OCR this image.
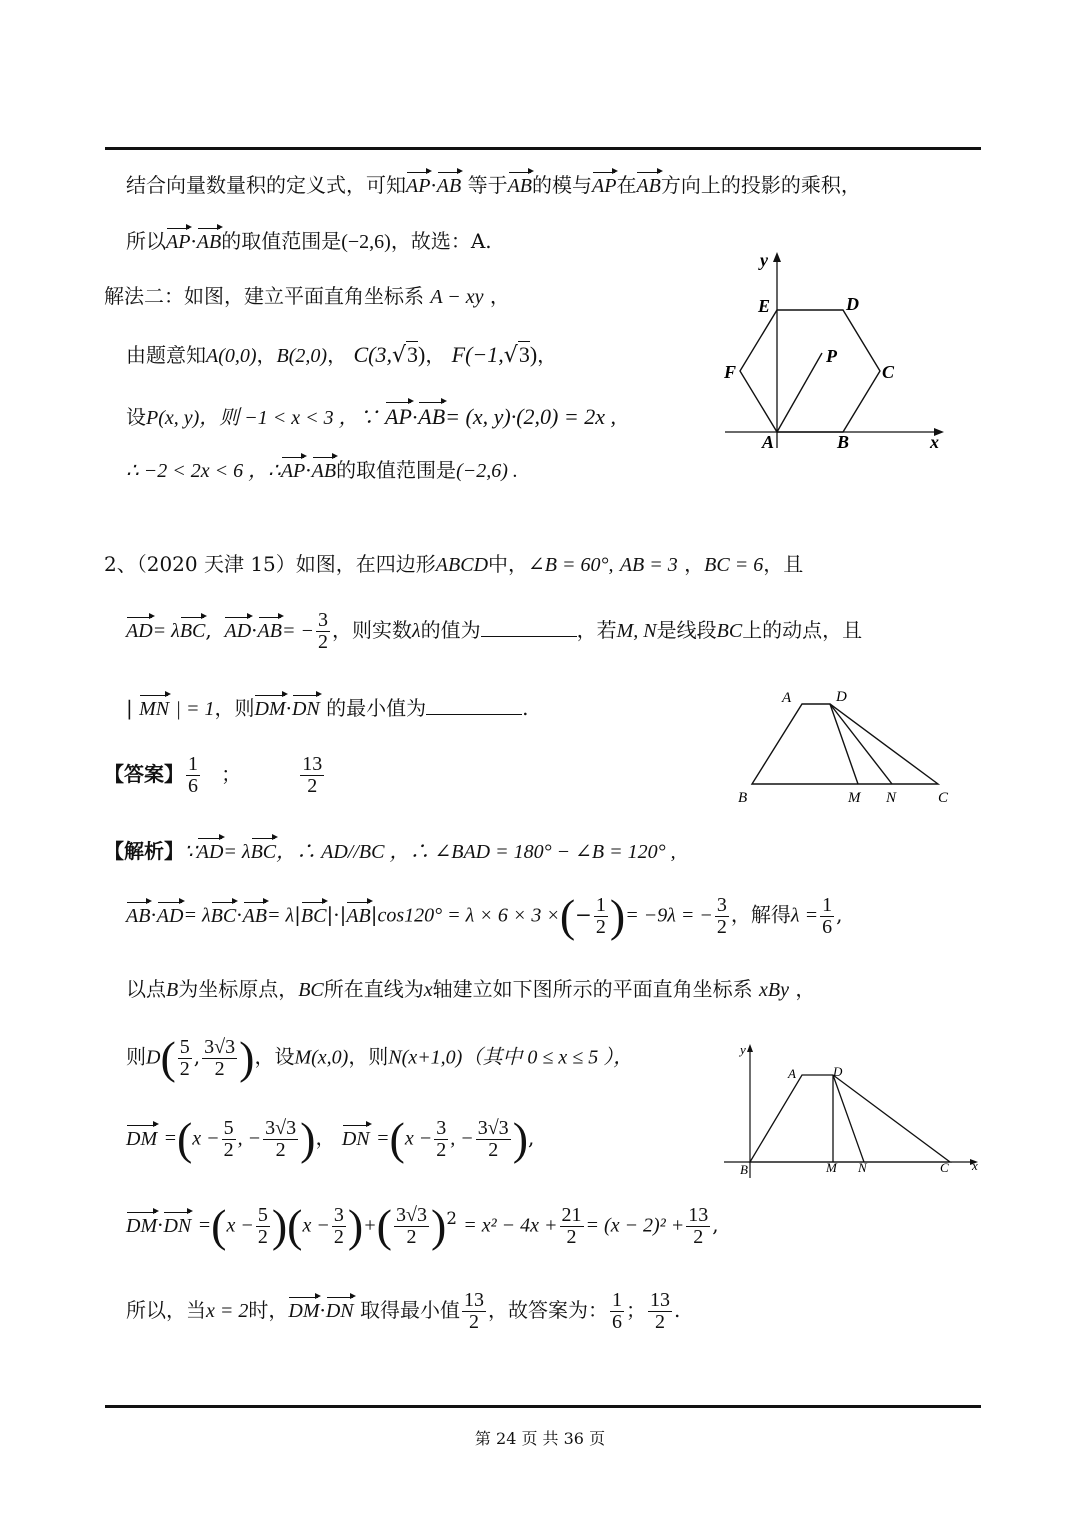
结合向量数量积的定义式，可知AP·AB 等于AB的模与AP在AB方向上的投影的乘积，
所以AP·AB的取值范围是(−2,6)，故选：A.
解法二：如图，建立平面直角坐标系 A − xy ，
由题意知A(0,0)，B(2,0)， C(3,√3)， F(−1,√3)，
设P(x, y)，则 −1 < x < 3 ，∵ AP·AB= (x, y)·(2,0) = 2x ,
∴ −2 < 2x < 6 ，∴AP·AB的取值范围是(−2,6) .
y
x
E	D
F
P
C
A	B
2、（2020 天津 15）如图，在四边形ABCD中，∠B = 60°, AB = 3 ，BC = 6，且
AD= λBC,  $AD\cdot AB= - \frac{3}{2}$ ，则实数λ的值为	，若M, N是线段BC上的动点，且
| MN | = 1，则DM·DN 的最小值为	.	A	D
B	M N	C
【答案】 $\frac{1}{6}$ ；	$\frac{13}{2}$
【解析】∵AD= λBC，∴ AD//BC ，∴ ∠BAD = 180° − ∠B = 120° ,
AB·AD= λBC·AB= λ|BC|·|AB|cos120° = λ × 6 × 3 ×(− $\frac{1}{2}$ )= −9λ = − $\frac{3}{2}$ ，解得$\lambda = \frac{1}{6}$ ,
以点B为坐标原点，BC所在直线为x轴建立如下图所示的平面直角坐标系 xBy ，
则$D( \frac{5}{2}$ , $\frac{3√3}{2}$ )，设M(x,0)，则N(x+1,0)（其中 0 ≤ x ≤ 5 ），	y
x
A	D
B	M N	C
DM $=(x - \frac{5}{2}$ , − $\frac{3√3}{2}$ )， DN $=(x - \frac{3}{2}$ , − $\frac{3√3}{2}$ ),
$DM\cdot DN =(x - \frac{5}{2} )(x - \frac{3}{2}$ )+( $\frac{3√3}{2} )^2 = x^2 - 4x + \frac{21}{2} = (x - 2)^2 + \frac{13}{2}$ ,
所以，当x = 2时，DM·DN 取得最小值 $\frac{13}{2}$ ，故答案为： $\frac{1}{6}$ ； $\frac{13}{2}$ .
第 24 页 共 36 页
